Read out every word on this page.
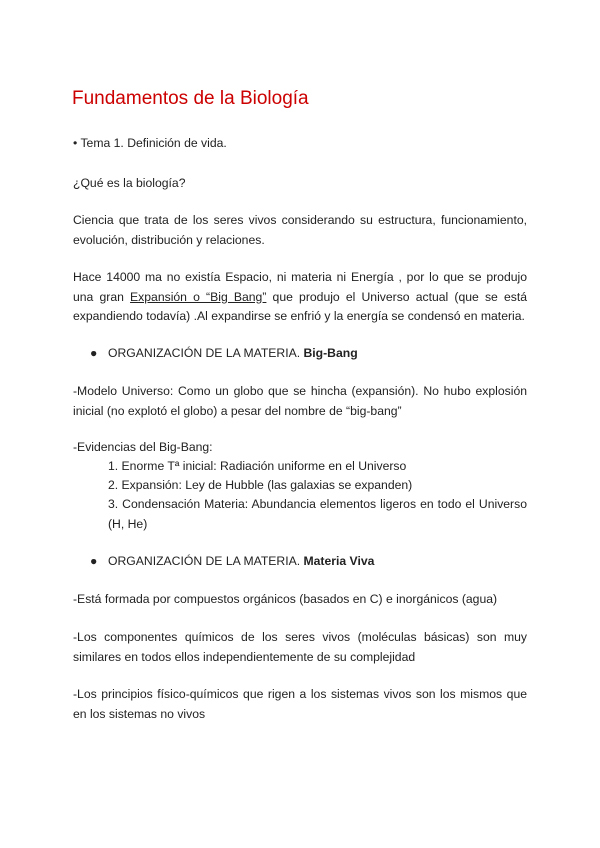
Fundamentos de la Biología

• Tema 1. Definición de vida.

¿Qué es la biología?

Ciencia que trata de los seres vivos considerando su estructura, funcionamiento, evolución, distribución y relaciones.

Hace 14000 ma no existía Espacio, ni materia ni Energía , por lo que se produjo una gran Expansión o “Big Bang” que produjo el Universo actual (que se está expandiendo todavía) .Al expandirse se enfrió y la energía se condensó en materia.

● ORGANIZACIÓN DE LA MATERIA. Big-Bang

-Modelo Universo: Como un globo que se hincha (expansión). No hubo explosión inicial (no explotó el globo) a pesar del nombre de “big-bang”

-Evidencias del Big-Bang:

1. Enorme Tª inicial: Radiación uniforme en el Universo

2. Expansión: Ley de Hubble (las galaxias se expanden)

3. Condensación Materia: Abundancia elementos ligeros en todo el Universo (H, He)

● ORGANIZACIÓN DE LA MATERIA. Materia Viva

-Está formada por compuestos orgánicos (basados en C) e inorgánicos (agua)

-Los componentes químicos de los seres vivos (moléculas básicas) son muy similares en todos ellos independientemente de su complejidad

-Los principios físico-químicos que rigen a los sistemas vivos son los mismos que en los sistemas no vivos
